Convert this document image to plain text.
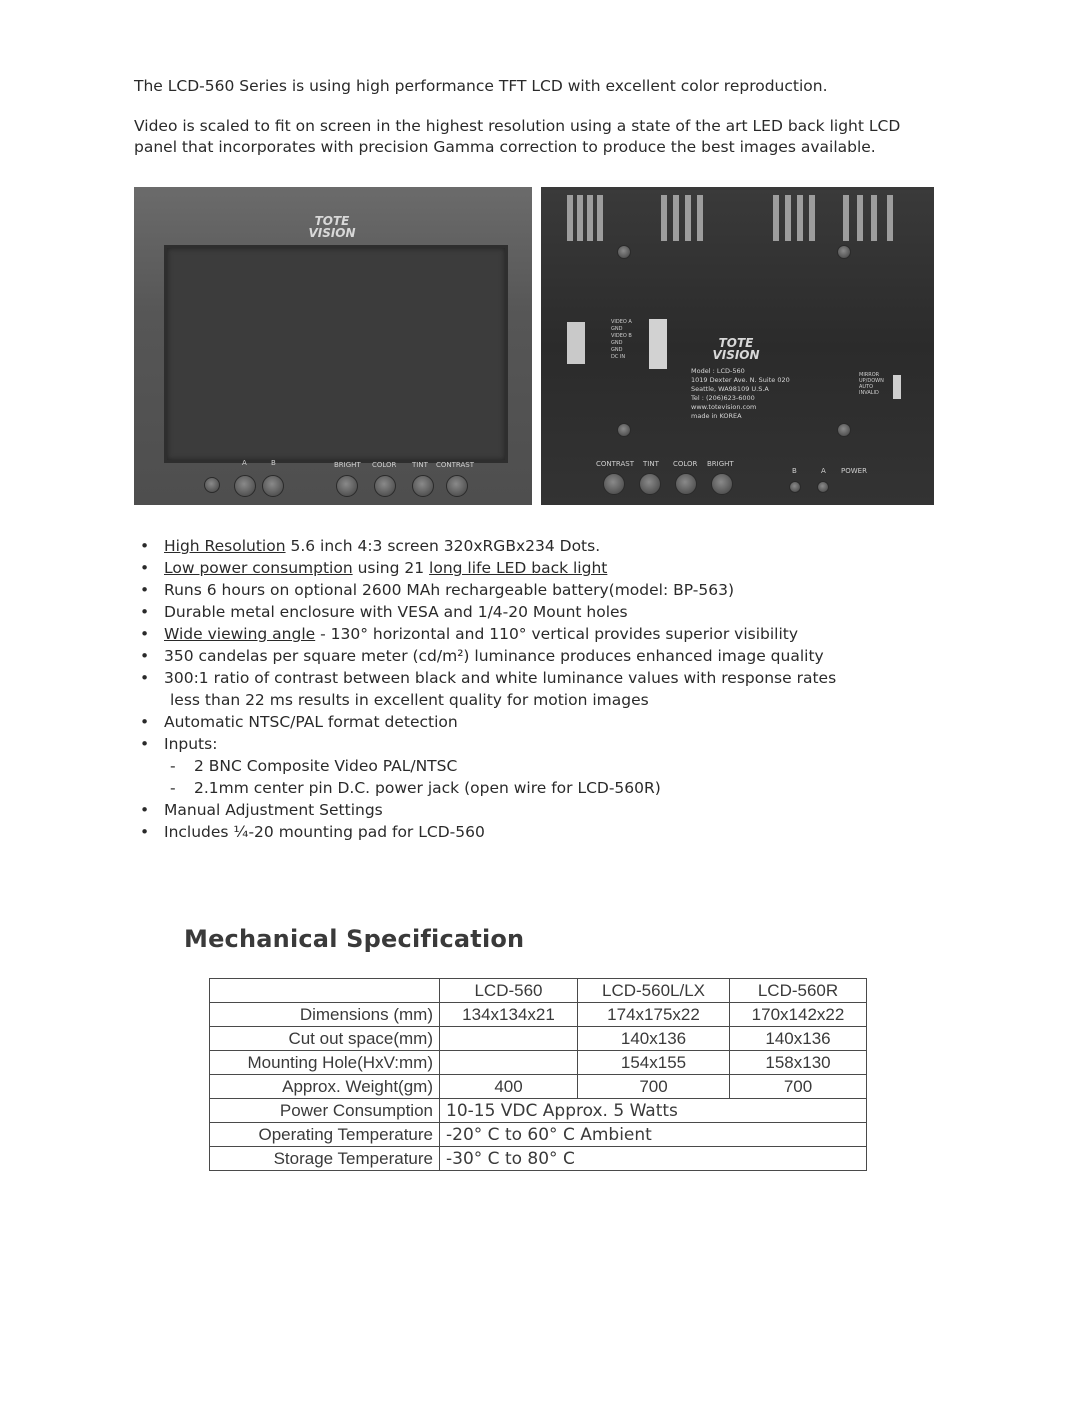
The LCD-560 Series is using high performance TFT LCD with excellent color reproduction.

Video is scaled to fit on screen in the highest resolution using a state of the art LED back light LCD panel that incorporates with precision Gamma correction to produce the best images available.

TOTE
VISION
A	B	BRIGHT COLOR TINT CONTRAST
VIDEO A
GND
VIDEO B
GND
GND
DC IN
TOTE
VISION
Model : LCD-560
1019 Dexter Ave. N. Suite 020
Seattle, WA98109 U.S.A
Tel : (206)623-6000
www.totevision.com
made in KOREA
MIRROR
UP/DOWN
AUTO
INVALID
CONTRAST TINT COLOR BRIGHT
B	A POWER
• High Resolution 5.6 inch 4:3 screen 320xRGBx234 Dots.
• Low power consumption using 21 long life LED back light
• Runs 6 hours on optional 2600 MAh rechargeable battery(model: BP-563)
• Durable metal enclosure with VESA and 1/4-20 Mount holes
• Wide viewing angle - 130° horizontal and 110° vertical provides superior visibility
• 350 candelas per square meter (cd/m²) luminance produces enhanced image quality
• 300:1 ratio of contrast between black and white luminance values with response rates
less than 22 ms results in excellent quality for motion images
• Automatic NTSC/PAL format detection
• Inputs:
- 2 BNC Composite Video PAL/NTSC
- 2.1mm center pin D.C. power jack (open wire for LCD-560R)
• Manual Adjustment Settings
• Includes ¼-20 mounting pad for LCD-560
Mechanical Specification
	LCD-560	LCD-560L/LX	LCD-560R
Dimensions (mm)	134x134x21	174x175x22	170x142x22
Cut out space(mm)		140x136	140x136
Mounting Hole(HxV:mm)		154x155	158x130
Approx. Weight(gm)	400	700	700
Power Consumption	10-15 VDC Approx. 5 Watts		
Operating Temperature	-20° C to 60° C Ambient		
Storage Temperature	-30° C to 80° C		
